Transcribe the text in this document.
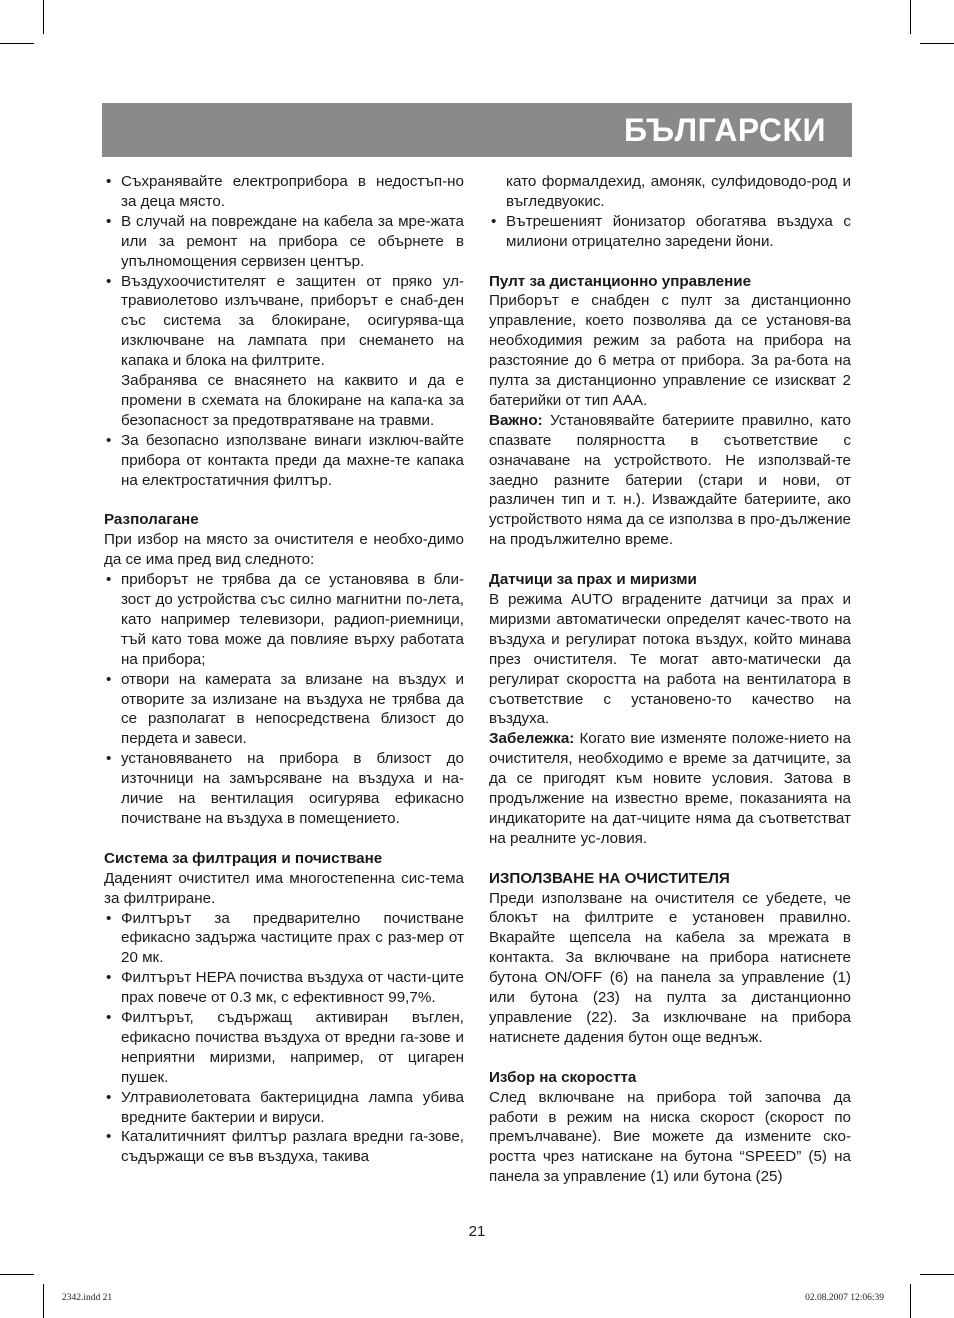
БЪЛГАРСКИ

• Съхранявайте електроприбора в недостъп-но за деца място.

• В случай на повреждане на кабела за мре-жата или за ремонт на прибора се обърнете в упълномощения сервизен център.

• Въздухоочистителят е защитен от пряко ул-травиолетово излъчване, приборът е снаб-ден със система за блокиране, осигурява-ща изключване на лампата при снемането на капака и блока на филтрите.

Забранява се внасянето на каквито и да е промени в схемата на блокиране на капа-ка за безопасност за предотвратяване на травми.

• За безопасно използване винаги изключ-вайте прибора от контакта преди да махне-те капака на електростатичния филтър.

Разполагане

При избор на място за очистителя е необхо-димо да се има пред вид следното:

• приборът не трябва да се установява в бли-зост до устройства със силно магнитни по-лета, като например телевизори, радиоп-риемници, тъй като това може да повлияе върху работата на прибора;

• отвори на камерата за влизане на въздух и отворите за излизане на въздуха не трябва да се разполагат в непосредствена близост до пердета и завеси.

• установяването на прибора в близост до източници на замърсяване на въздуха и на-личие на вентилация осигурява ефикасно почистване на въздуха в помещението.

Система за филтрация и почистване

Даденият очистител има многостепенна сис-тема за филтриране.

• Филтърът за предварително почистване ефикасно задържа частиците прах с раз-мер от 20 мк.

• Филтърът HEPA почиства въздуха от части-ците прах повече от 0.3 мк, с ефективност 99,7%.

• Филтърът, съдържащ активиран въглен, ефикасно почиства въздуха от вредни га-зове и неприятни миризми, например, от цигарен пушек.

• Ултравиолетовата бактерицидна лампа убива вредните бактерии и вируси.

• Каталитичният филтър разлага вредни га-зове, съдържащи се във въздуха, такива

като формалдехид, амоняк, сулфидоводо-род и въгледвуокис.

• Вътрешеният йонизатор обогатява въздуха с милиони отрицателно заредени йони.

Пулт за дистанционно управление

Приборът е снабден с пулт за дистанционно управление, което позволява да се установя-ва необходимия режим за работа на прибора на разстояние до 6 метра от прибора. За ра-бота на пулта за дистанционно управление се изискват 2 батерийки от тип AAA.

Важно: Установявайте батериите правилно, като спазвате полярността в съответствие с означаване на устройството. Не използвай-те заедно разните батерии (стари и нови, от различен тип и т. н.). Изваждайте батериите, ако устройството няма да се използва в про-дължение на продължително време.

Датчици за прах и миризми

В режима AUTO вградените датчици за прах и миризми автоматически определят качес-твото на въздуха и регулират потока въздух, който минава през очистителя. Те могат авто-матически да регулират скоростта на работа на вентилатора в съответствие с установено-то качество на въздуха.

Забележка: Когато вие изменяте положе-нието на очистителя, необходимо е време за датчиците, за да се пригодят към новите условия. Затова в продължение на известно време, показанията на индикаторите на дат-чиците няма да съответстват на реалните ус-ловия.

ИЗПОЛЗВАНЕ НА ОЧИСТИТЕЛЯ

Преди използване на очистителя се убедете, че блокът на филтрите е установен правилно. Вкарайте щепсела на кабела за мрежата в контакта. За включване на прибора натиснете бутона ON/OFF (6) на панела за управление (1) или бутона (23) на пулта за дистанционно управление (22). За изключване на прибора натиснете дадения бутон още веднъж.

Избор на скоростта

След включване на прибора той започва да работи в режим на ниска скорост (скорост по премълчаване). Вие можете да измените ско-ростта чрез натискане на бутона “SPEED” (5) на панела за управление (1) или бутона (25)

21
2342.indd 21	02.08.2007 12:06:39
